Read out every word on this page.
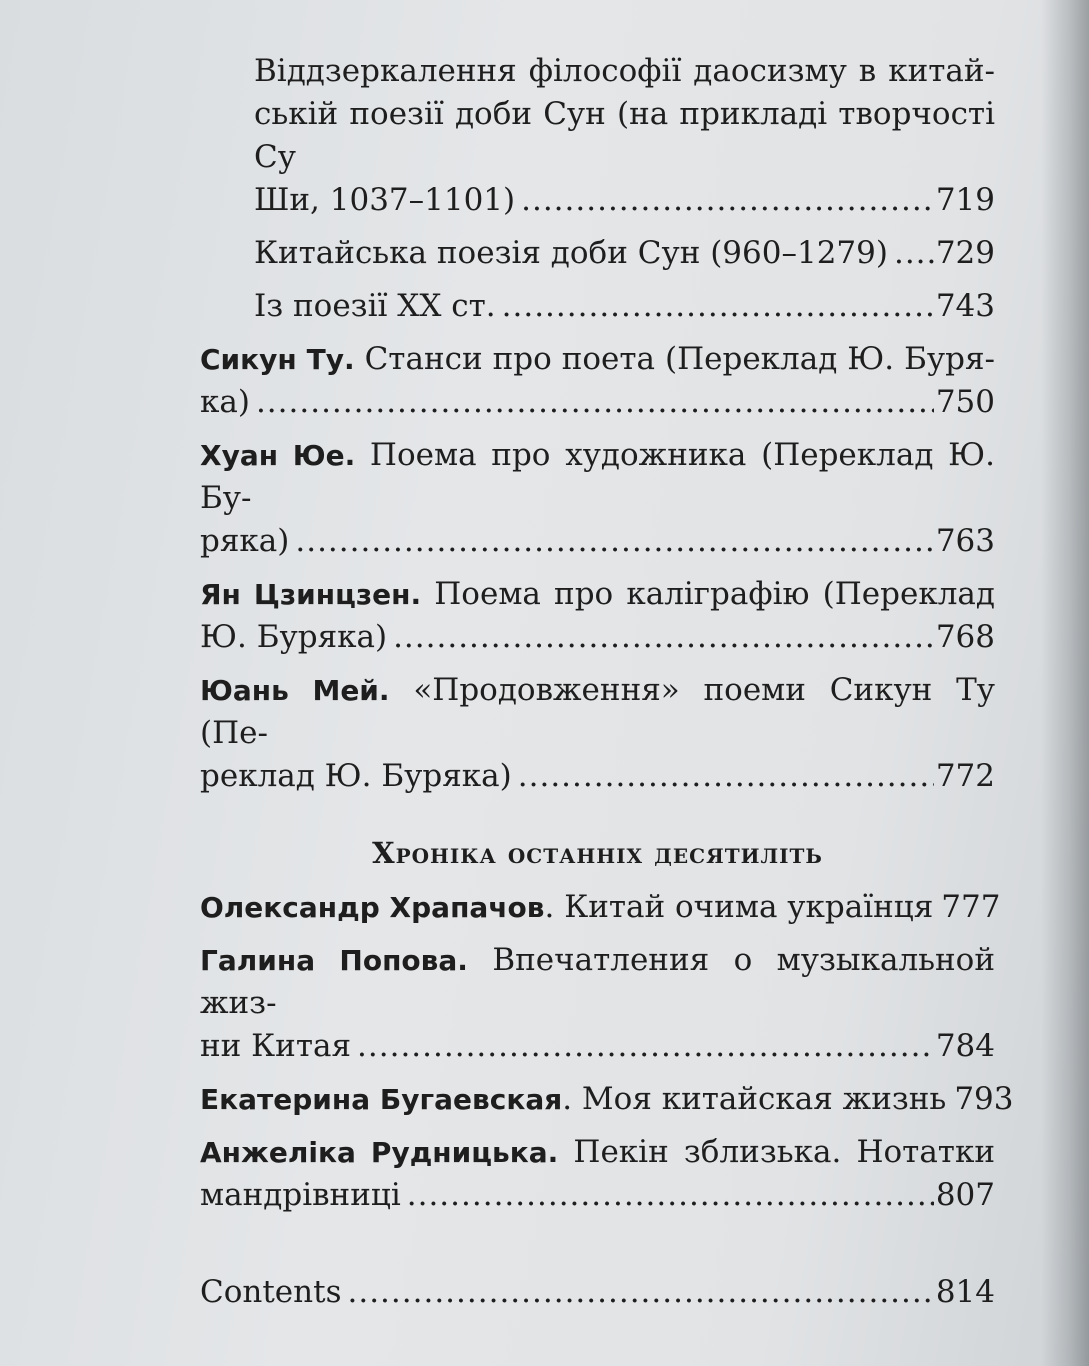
Віддзеркалення філософії даосизму в китай-
ській поезії доби Сун (на прикладі творчості Су
Ши, 1037–1101) .....	719
Китайська поезія доби Сун (960–1279) ..... 729
Із поезії XX ст. .....	743
Сикун Ту. Станси про поета (Переклад Ю. Буря-
ка) .....	750
Хуан Юе. Поема про художника (Переклад Ю. Бу-
ряка) .....	763
Ян Цзинцзен. Поема про каліграфію (Переклад
Ю. Буряка) .....	768
Юань Мей. «Продовження» поеми Сикун Ту (Пе-
реклад Ю. Буряка) .....	772
Хроніка останніх десятиліть
Олександр Храпачов. Китай очима українця 777
Галина Попова. Впечатления о музыкальной жиз-
ни Китая .....	784
Екатерина Бугаевская. Моя китайская жизнь 793
Анжеліка Рудницька. Пекін зблизька. Нотатки
мандрівниці .....	807
Contents .....	814
